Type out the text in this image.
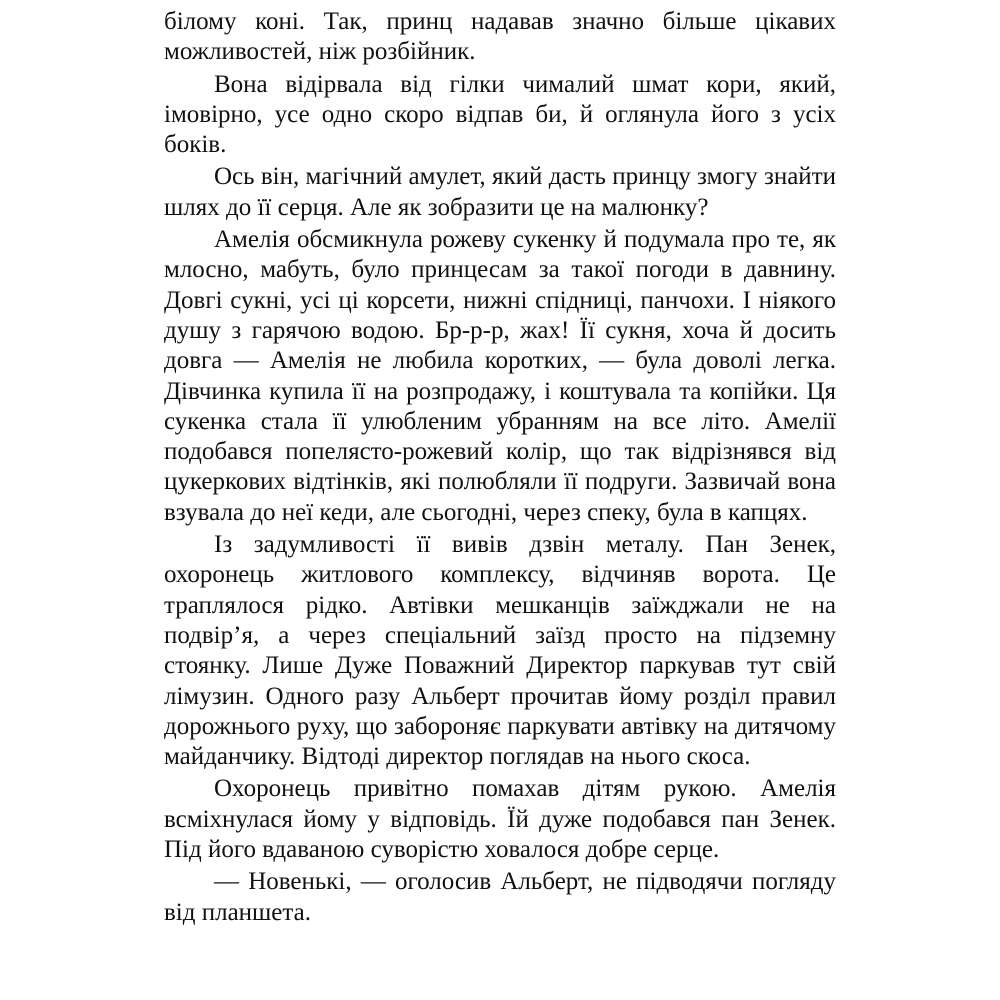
білому коні. Так, принц надавав значно більше цікавих можливостей, ніж розбійник.

Вона відірвала від гілки чималий шмат кори, який, імовірно, усе одно скоро відпав би, й оглянула його з усіх боків.

Ось він, магічний амулет, який дасть принцу змогу знайти шлях до її серця. Але як зобразити це на малюнку?

Амелія обсмикнула рожеву сукенку й подумала про те, як млосно, мабуть, було принцесам за такої погоди в давнину. Довгі сукні, усі ці корсети, нижні спідниці, панчохи. І ніякого душу з гарячою водою. Бр-р-р, жах! Її сукня, хоча й досить довга — Амелія не любила коротких, — була доволі легка. Дівчинка купила її на розпродажу, і коштувала та копійки. Ця сукенка стала її улюбленим убранням на все літо. Амелії подобався попелясто-рожевий колір, що так відрізнявся від цукеркових відтінків, які полюбляли її подруги. Зазвичай вона взувала до неї кеди, але сьогодні, через спеку, була в капцях.

Із задумливості її вивів дзвін металу. Пан Зенек, охоронець житлового комплексу, відчиняв ворота. Це траплялося рідко. Автівки мешканців заїжджали не на подвір’я, а через спеціальний заїзд просто на підземну стоянку. Лише Дуже Поважний Директор паркував тут свій лімузин. Одного разу Альберт прочитав йому розділ правил дорожнього руху, що забороняє паркувати автівку на дитячому майданчику. Відтоді директор поглядав на нього скоса.

Охоронець привітно помахав дітям рукою. Амелія всміхнулася йому у відповідь. Їй дуже подобався пан Зенек. Під його вдаваною суворістю ховалося добре серце.

— Новенькі, — оголосив Альберт, не підводячи погляду від планшета.
